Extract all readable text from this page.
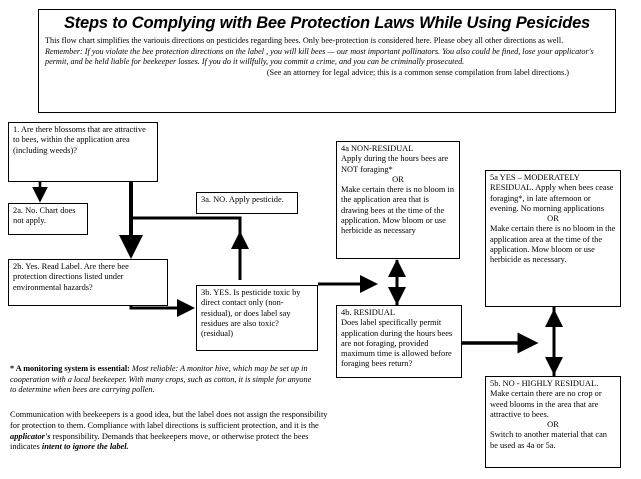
Steps to Complying with Bee Protection Laws While Using Pesicides
This flow chart simplifies the variouis directions on pesticides regarding bees. Only bee-protection is considered here. Please obey all other directions as well.
Remember: If you violate the bee protection directions on the label , you will kill bees — our most important pollinators. You also could be fined, lose your applicator's permit, and be held liable for beekeeper losses. If you do it willfully, you commit a crime, and you can be criminally prosecuted.
(See an attorney for legal advice; this is a common sense compilation from label directions.)
1. Are there blossoms that are attractive to bees, within the application area (including weeds)?
2a. No. Chart does not apply.
2b. Yes. Read Label. Are there bee protection directions listed under environmental hazards?
3a. NO. Apply pesticide.
3b. YES. Is pesticide toxic by direct contact only (non-residual), or does label say residues are also toxic? (residual)
4a NON-RESIDUAL
Apply during the hours bees are NOT foraging*
OR
Make certain there is no bloom in the application area that is drawing bees at the time of the application. Mow bloom or use herbicide as necessary
4b. RESIDUAL
Does label specifically permit application during the hours bees are not foraging, provided maximum time is allowed before foraging bees return?
5a YES – MODERATELY RESIDUAL. Apply when bees cease foraging*, in late afternoon or evening. No morning applications
OR
Make certain there is no bloom in the application area at the time of the application. Mow bloom or use herbicide as necessary.
5b. NO - HIGHLY RESIDUAL. Make certain there are no crop or weed blooms in the area that are attractive to bees.
OR
Switch to another material that can be used as 4a or 5a.
* A monitoring system is essential: Most reliable: A monitor hive, which may be set up in cooperation with a local beekeeper. With many crops, such as cotton, it is simple for anyone to determine when bees are carrying pollen.
Communication with beekeepers is a good idea, but the label does not assign the responsibility for protection to them. Compliance with label directions is sufficient protection, and it is the applicator's responsibility. Demands that beekeepers move, or otherwise protect the bees indicates intent to ignore the label.
